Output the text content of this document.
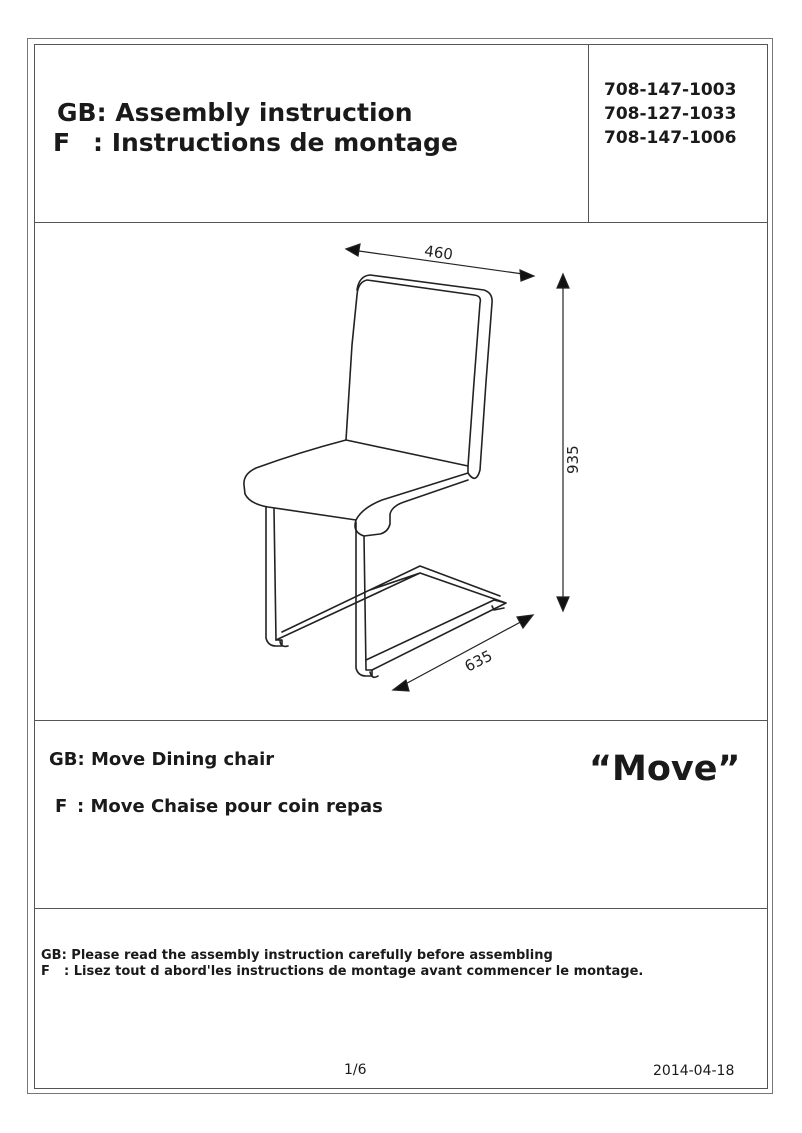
GB: Assembly instruction
F : Instructions de montage
708-147-1003
708-127-1033
708-147-1006
460
935
635
GB: Move Dining chair
F : Move Chaise pour coin repas
“Move”
GB: Please read the assembly instruction carefully before assembling
F : Lisez tout d abord'les instructions de montage avant commencer le montage.
1/6	2014-04-18
